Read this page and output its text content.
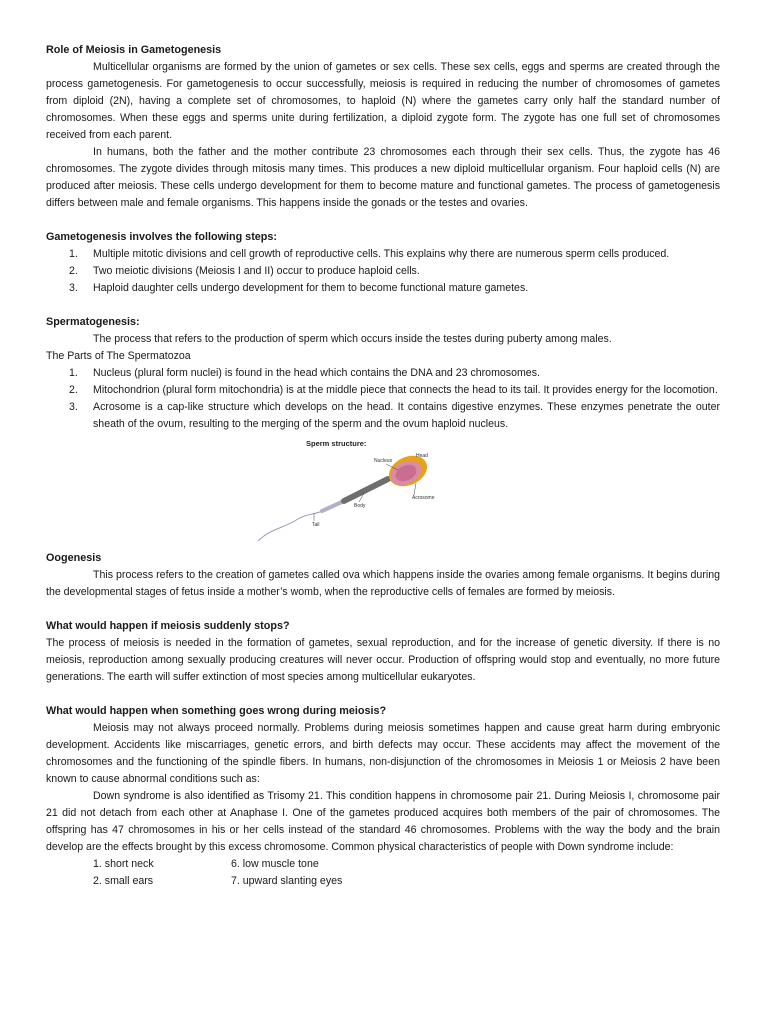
Role of Meiosis in Gametogenesis

Multicellular organisms are formed by the union of gametes or sex cells. These sex cells, eggs and sperms are created through the process gametogenesis. For gametogenesis to occur successfully, meiosis is required in reducing the number of chromosomes of gametes from diploid (2N), having a complete set of chromosomes, to haploid (N) where the gametes carry only half the standard number of chromosomes. When these eggs and sperms unite during fertilization, a diploid zygote form. The zygote has one full set of chromosomes received from each parent.

In humans, both the father and the mother contribute 23 chromosomes each through their sex cells. Thus, the zygote has 46 chromosomes. The zygote divides through mitosis many times. This produces a new diploid multicellular organism. Four haploid cells (N) are produced after meiosis. These cells undergo development for them to become mature and functional gametes. The process of gametogenesis differs between male and female organisms. This happens inside the gonads or the testes and ovaries.

Gametogenesis involves the following steps:
1. Multiple mitotic divisions and cell growth of reproductive cells. This explains why there are numerous sperm cells produced.
2. Two meiotic divisions (Meiosis I and II) occur to produce haploid cells.
3. Haploid daughter cells undergo development for them to become functional mature gametes.
Spermatogenesis:

The process that refers to the production of sperm which occurs inside the testes during puberty among males.

The Parts of The Spermatozoa

1. Nucleus (plural form nuclei) is found in the head which contains the DNA and 23 chromosomes.
2. Mitochondrion (plural form mitochondria) is at the middle piece that connects the head to its tail. It provides energy for the locomotion.
3. Acrosome is a cap-like structure which develops on the head. It contains digestive enzymes. These enzymes penetrate the outer sheath of the ovum, resulting to the merging of the sperm and the ovum haploid nucleus.
Sperm structure:
Head
Nucleus
Acrosome
Body
Tail
Oogenesis

This process refers to the creation of gametes called ova which happens inside the ovaries among female organisms. It begins during the developmental stages of fetus inside a mother’s womb, when the reproductive cells of females are formed by meiosis.

What would happen if meiosis suddenly stops?

The process of meiosis is needed in the formation of gametes, sexual reproduction, and for the increase of genetic diversity. If there is no meiosis, reproduction among sexually producing creatures will never occur. Production of offspring would stop and eventually, no more future generations. The earth will suffer extinction of most species among multicellular eukaryotes.

What would happen when something goes wrong during meiosis?

Meiosis may not always proceed normally. Problems during meiosis sometimes happen and cause great harm during embryonic development. Accidents like miscarriages, genetic errors, and birth defects may occur. These accidents may affect the movement of the chromosomes and the functioning of the spindle fibers. In humans, non-disjunction of the chromosomes in Meiosis 1 or Meiosis 2 have been known to cause abnormal conditions such as:

Down syndrome is also identified as Trisomy 21. This condition happens in chromosome pair 21. During Meiosis I, chromosome pair 21 did not detach from each other at Anaphase I. One of the gametes produced acquires both members of the pair of chromosomes. The offspring has 47 chromosomes in his or her cells instead of the standard 46 chromosomes. Problems with the way the body and the brain develop are the effects brought by this excess chromosome. Common physical characteristics of people with Down syndrome include:

1. short neck	6. low muscle tone
2. small ears	7. upward slanting eyes
